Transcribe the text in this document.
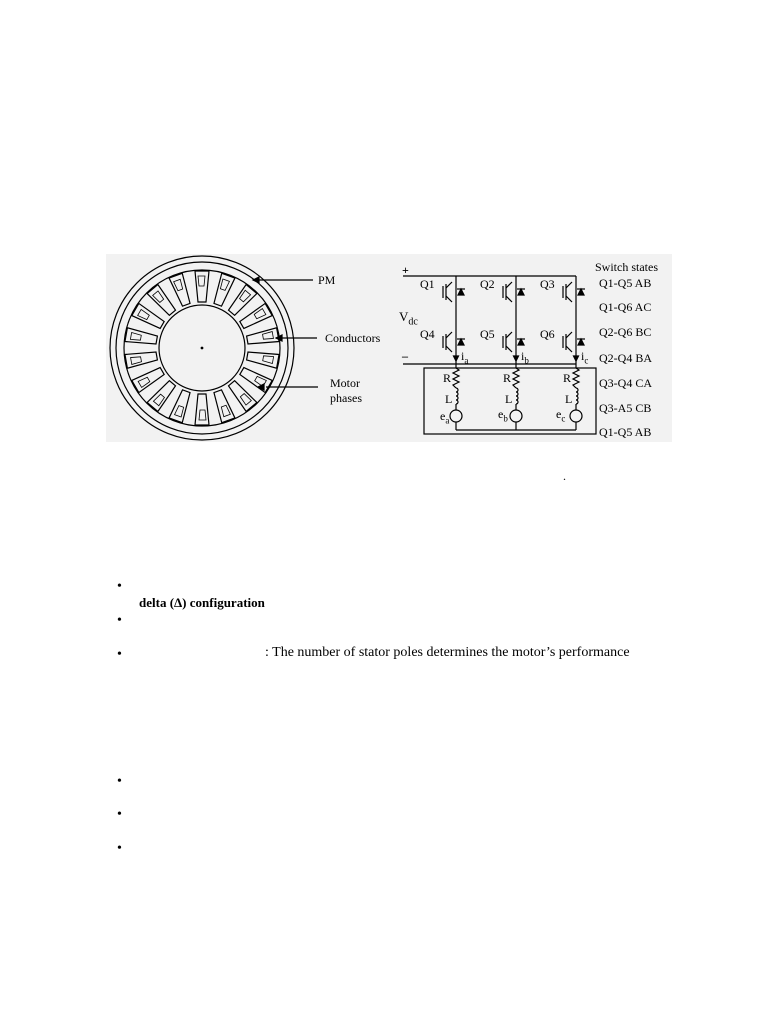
PM
Conductors
Motor
phases
+
–
$V_{dc}$
Q1	Q2	Q3
Q4	Q5	Q6
$i_a$	$i_b$	$i_c$
R	R	R
L	L	L
$e_a$	$e_b$	$e_c$
Switch states
Q1-Q5 AB
Q1-Q6 AC
Q2-Q6 BC
Q2-Q4 BA
Q3-Q4 CA
Q3-A5 CB
Q1-Q5 AB
.
•
delta (Δ) configuration
•
•	: The number of stator poles determines the motor’s performance
•
•
•
